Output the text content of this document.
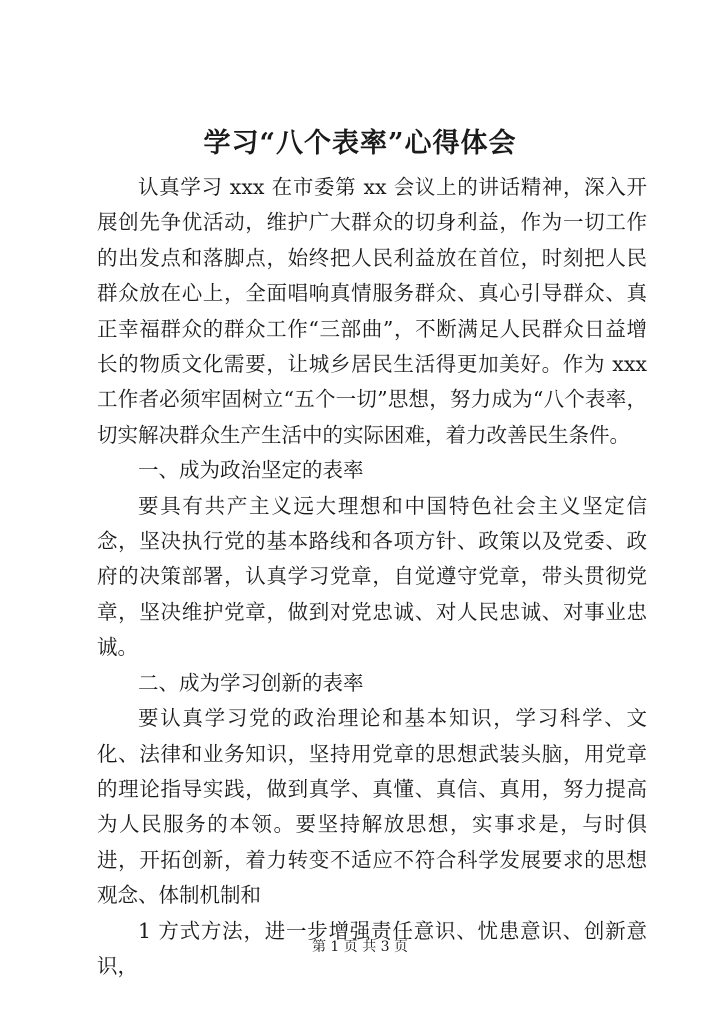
学习“八个表率”心得体会

认真学习 xxx 在市委第 xx 会议上的讲话精神，深入开展创先争优活动，维护广大群众的切身利益，作为一切工作的出发点和落脚点，始终把人民利益放在首位，时刻把人民群众放在心上，全面唱响真情服务群众、真心引导群众、真正幸福群众的群众工作“三部曲”，不断满足人民群众日益增长的物质文化需要，让城乡居民生活得更加美好。作为 xxx 工作者必须牢固树立“五个一切”思想，努力成为“八个表率，切实解决群众生产生活中的实际困难，着力改善民生条件。

一、成为政治坚定的表率

要具有共产主义远大理想和中国特色社会主义坚定信念，坚决执行党的基本路线和各项方针、政策以及党委、政府的决策部署，认真学习党章，自觉遵守党章，带头贯彻党章，坚决维护党章，做到对党忠诚、对人民忠诚、对事业忠诚。

二、成为学习创新的表率

要认真学习党的政治理论和基本知识，学习科学、文化、法律和业务知识，坚持用党章的思想武装头脑，用党章的理论指导实践，做到真学、真懂、真信、真用，努力提高为人民服务的本领。要坚持解放思想，实事求是，与时俱进，开拓创新，着力转变不适应不符合科学发展要求的思想观念、体制机制和

1 方式方法，进一步增强责任意识、忧患意识、创新意识，

第 1 页 共 3 页
